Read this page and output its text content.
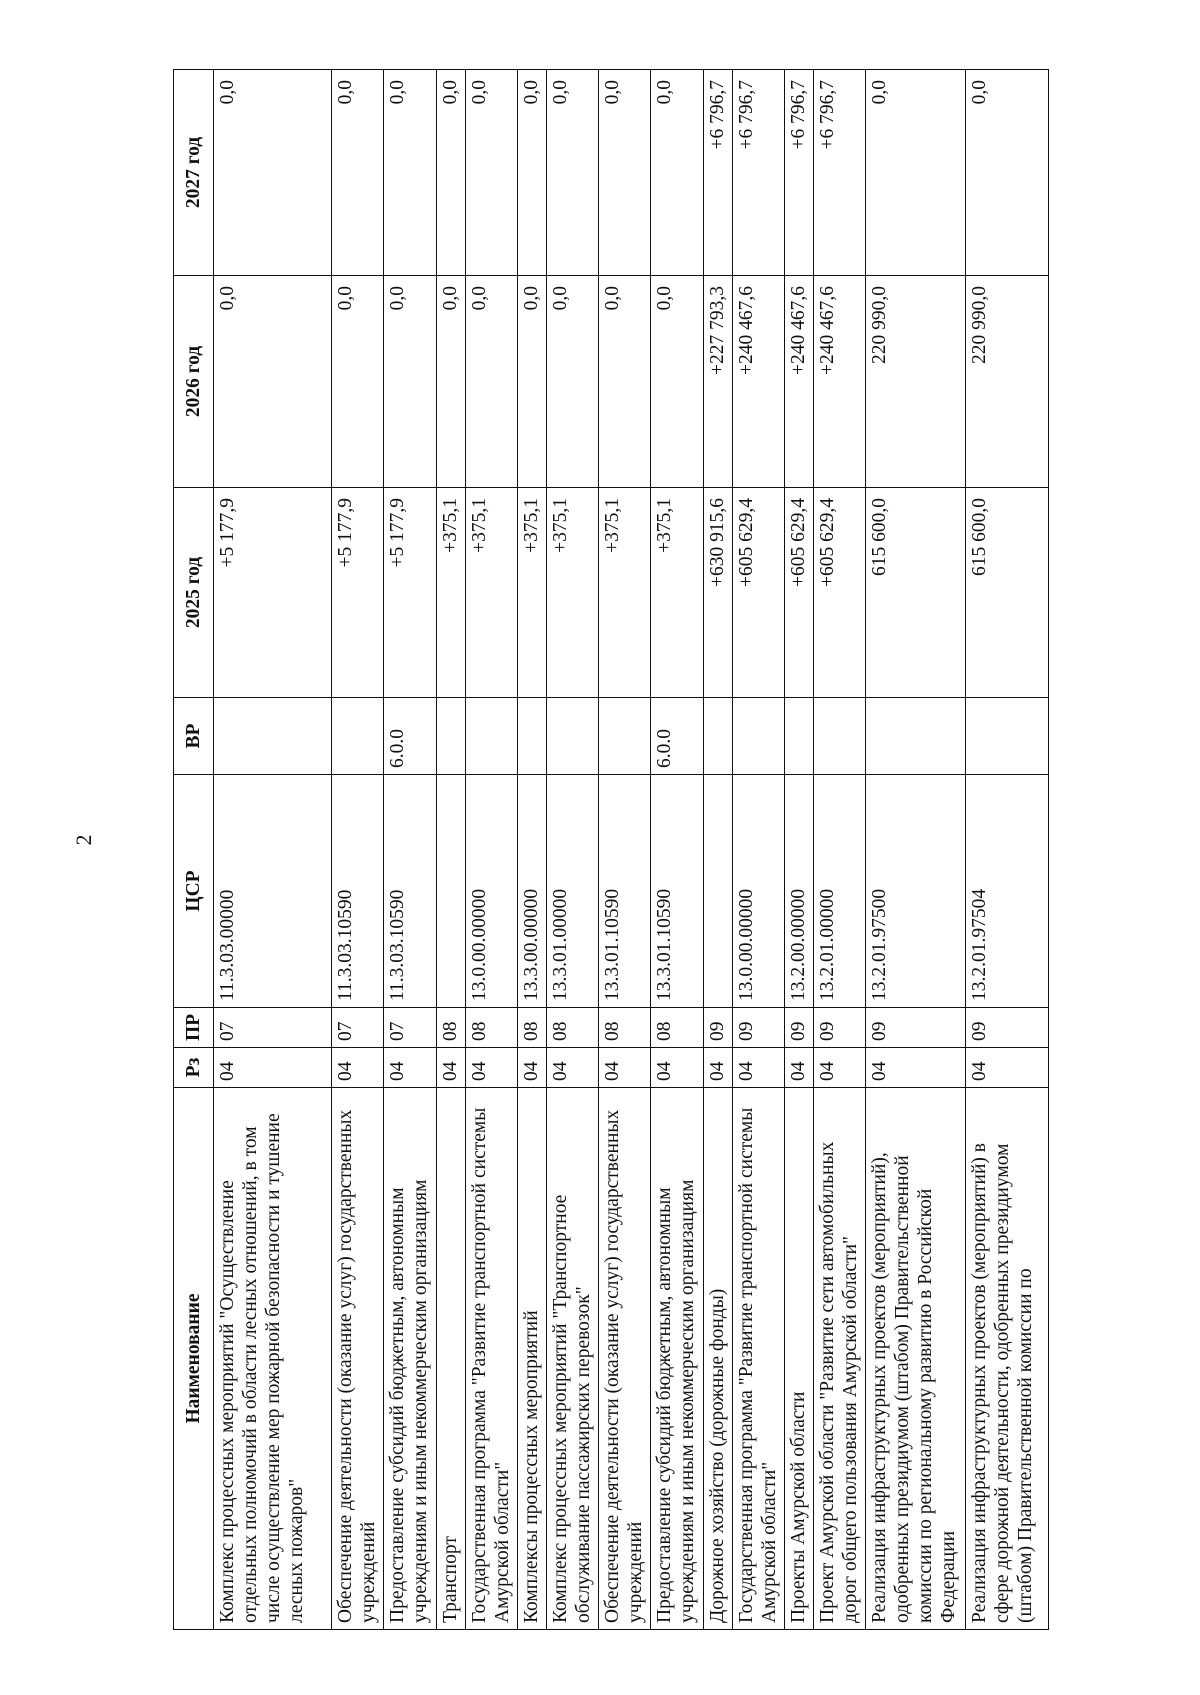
2
Наименование	Рз	ПР	ЦСР	ВР	2025 год	2026 год	2027 год
Комплекс процессных мероприятий "Осуществление отдельных полномочий в области лесных отношений, в том числе осуществление мер пожарной безопасности и тушение лесных пожаров"	04	07	11.3.03.00000		+5 177,9	0,0	0,0
Обеспечение деятельности (оказание услуг) государственных учреждений	04	07	11.3.03.10590		+5 177,9	0,0	0,0
Предоставление субсидий бюджетным, автономным учреждениям и иным некоммерческим организациям	04	07	11.3.03.10590	6.0.0	+5 177,9	0,0	0,0
Транспорт	04	08			+375,1	0,0	0,0
Государственная программа "Развитие транспортной системы Амурской области"	04	08	13.0.00.00000		+375,1	0,0	0,0
Комплексы процессных мероприятий	04	08	13.3.00.00000		+375,1	0,0	0,0
Комплекс процессных мероприятий "Транспортное обслуживание пассажирских перевозок"	04	08	13.3.01.00000		+375,1	0,0	0,0
Обеспечение деятельности (оказание услуг) государственных учреждений	04	08	13.3.01.10590		+375,1	0,0	0,0
Предоставление субсидий бюджетным, автономным учреждениям и иным некоммерческим организациям	04	08	13.3.01.10590	6.0.0	+375,1	0,0	0,0
Дорожное хозяйство (дорожные фонды)	04	09			+630 915,6	+227 793,3	+6 796,7
Государственная программа "Развитие транспортной системы Амурской области"	04	09	13.0.00.00000		+605 629,4	+240 467,6	+6 796,7
Проекты Амурской области	04	09	13.2.00.00000		+605 629,4	+240 467,6	+6 796,7
Проект Амурской области "Развитие сети автомобильных дорог общего пользования Амурской области"	04	09	13.2.01.00000		+605 629,4	+240 467,6	+6 796,7
Реализация инфраструктурных проектов (мероприятий), одобренных президиумом (штабом) Правительственной комиссии по региональному развитию в Российской Федерации	04	09	13.2.01.97500		615 600,0	220 990,0	0,0
Реализация инфраструктурных проектов (мероприятий) в сфере дорожной деятельности, одобренных президиумом (штабом) Правительственной комиссии по	04	09	13.2.01.97504		615 600,0	220 990,0	0,0
